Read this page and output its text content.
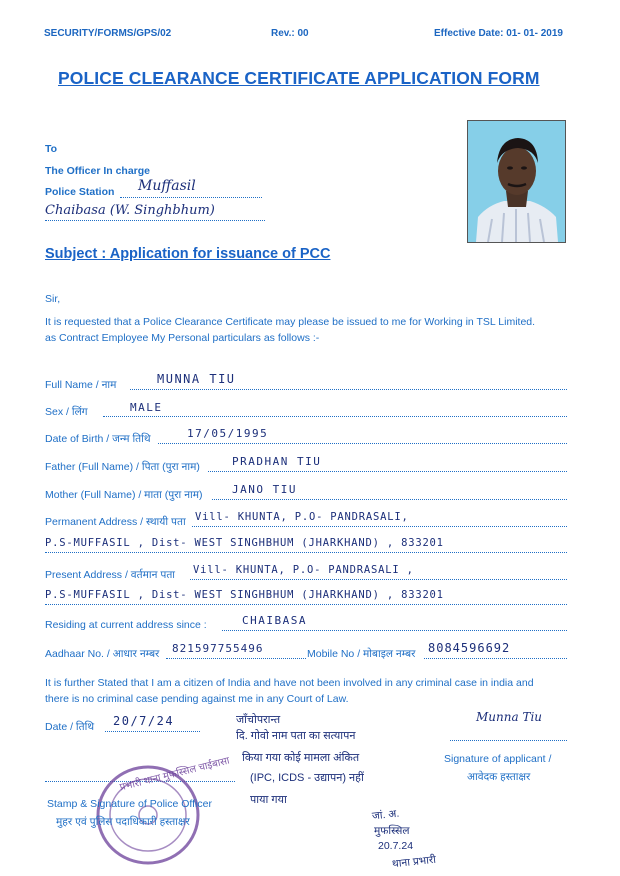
SECURITY/FORMS/GPS/02	Rev.: 00	Effective Date: 01- 01- 2019
POLICE CLEARANCE CERTIFICATE APPLICATION FORM
To
The Officer In charge
Police Station Muffasil
Chaibasa (W. Singhbhum)
Subject : Application for issuance of PCC
Sir,
It is requested that a Police Clearance Certificate may please be issued to me for Working in TSL Limited.
as Contract Employee My Personal particulars as follows :-
Full Name / नाम	MUNNA TIU
Sex / लिंग	MALE
Date of Birth / जन्म तिथि	17/05/1995
Father (Full Name) / पिता (पुरा नाम)	PRADHAN TIU
Mother (Full Name) / माता (पुरा नाम)	JANO TIU
Permanent Address / स्थायी पता Vill- KHUNTA, P.O- PANDRASALI,
P.S-MUFFASIL , Dist- WEST SINGHBHUM (JHARKHAND) , 833201
Present Address / वर्तमान पता Vill- KHUNTA, P.O- PANDRASALI ,
P.S-MUFFASIL , Dist- WEST SINGHBHUM (JHARKHAND) , 833201
Residing at current address since :	CHAIBASA
Aadhaar No. / आधार नम्बर 821597755496	Mobile No / मोबाइल नम्बर 8084596692
It is further Stated that I am a citizen of India and have not been involved in any criminal case in india and
there is no criminal case pending against me in any Court of Law.
Date / तिथि 20/7/24	Munna Tiu
Signature of applicant /
आवेदक हस्ताक्षर
प्रभारी थाना मुफस्सिल चाईबासा
Stamp & Signature of Police Officer
मुहर एवं पुलिस पदाधिकारी हस्ताक्षर
जाँचोपरान्त
दि. गोवो नाम पता का सत्यापन
किया गया कोई मामला अंकित
(IPC, ICDS - उद्यापन) नहीं
पाया गया
जां. अ.
मुफस्सिल
20.7.24
थाना प्रभारी
